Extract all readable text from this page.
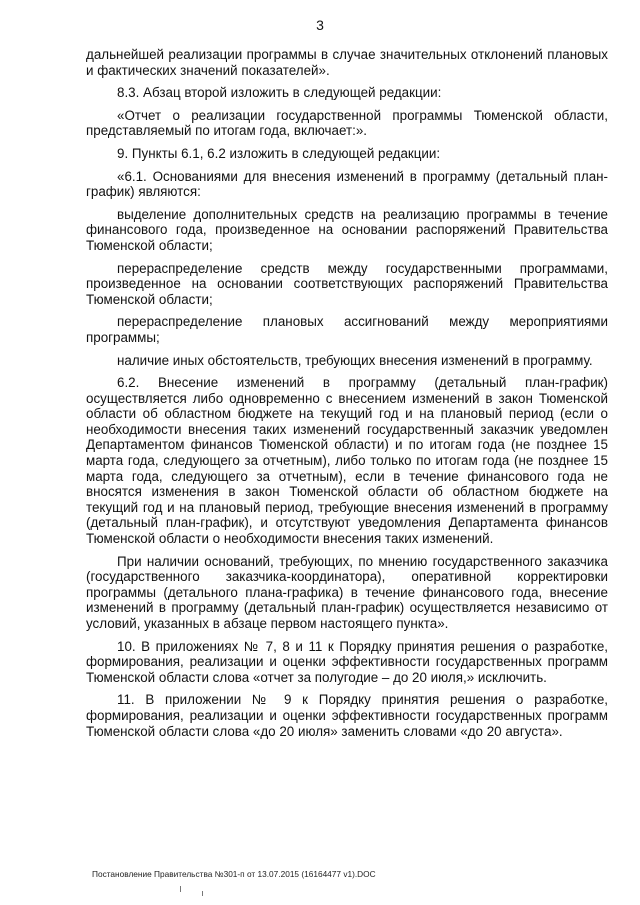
3

дальнейшей реализации программы в случае значительных отклонений плановых и фактических значений показателей».

8.3. Абзац второй изложить в следующей редакции:

«Отчет о реализации государственной программы Тюменской области, представляемый по итогам года, включает:».

9. Пункты 6.1, 6.2 изложить в следующей редакции:

«6.1. Основаниями для внесения изменений в программу (детальный план-график) являются:

выделение дополнительных средств на реализацию программы в течение финансового года, произведенное на основании распоряжений Правительства Тюменской области;

перераспределение средств между государственными программами, произведенное на основании соответствующих распоряжений Правительства Тюменской области;

перераспределение плановых ассигнований между мероприятиями программы;

наличие иных обстоятельств, требующих внесения изменений в программу.

6.2. Внесение изменений в программу (детальный план-график) осуществляется либо одновременно с внесением изменений в закон Тюменской области об областном бюджете на текущий год и на плановый период (если о необходимости внесения таких изменений государственный заказчик уведомлен Департаментом финансов Тюменской области) и по итогам года (не позднее 15 марта года, следующего за отчетным), либо только по итогам года (не позднее 15 марта года, следующего за отчетным), если в течение финансового года не вносятся изменения в закон Тюменской области об областном бюджете на текущий год и на плановый период, требующие внесения изменений в программу (детальный план-график), и отсутствуют уведомления Департамента финансов Тюменской области о необходимости внесения таких изменений.

При наличии оснований, требующих, по мнению государственного заказчика (государственного заказчика-координатора), оперативной корректировки программы (детального плана-графика) в течение финансового года, внесение изменений в программу (детальный план-график) осуществляется независимо от условий, указанных в абзаце первом настоящего пункта».

10. В приложениях № 7, 8 и 11 к Порядку принятия решения о разработке, формирования, реализации и оценки эффективности государственных программ Тюменской области слова «отчет за полугодие – до 20 июля,» исключить.

11. В приложении № 9 к Порядку принятия решения о разработке, формирования, реализации и оценки эффективности государственных программ Тюменской области слова «до 20 июля» заменить словами «до 20 августа».

Постановление Правительства №301-п от 13.07.2015 (16164477 v1).DOC
